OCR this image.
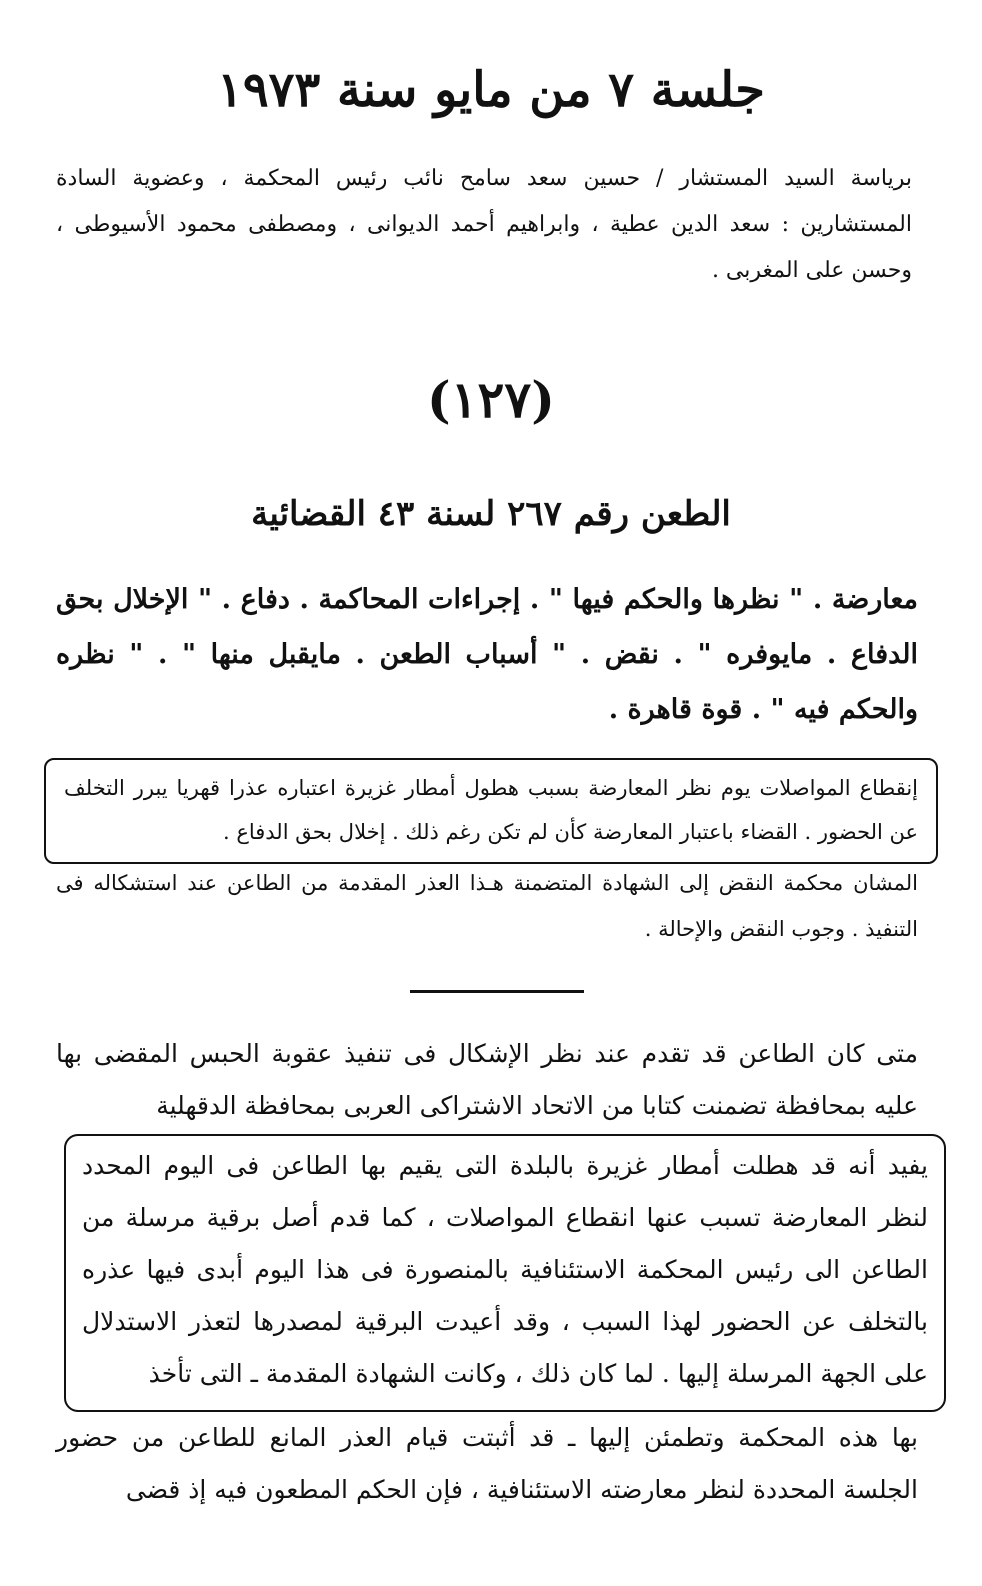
جلسة ٧ من مايو سنة ١٩٧٣
برياسة السيد المستشار / حسين سعد سامح نائب رئيس المحكمة ، وعضوية السادة المستشارين : سعد الدين عطية ، وابراهيم أحمد الديوانى ، ومصطفى محمود الأسيوطى ، وحسن على المغربى .
(١٢٧)
الطعن رقم ٢٦٧ لسنة ٤٣ القضائية
معارضة . " نظرها والحكم فيها " . إجراءات المحاكمة . دفاع . " الإخلال بحق الدفاع . مايوفره " . نقض . " أسباب الطعن . مايقبل منها " . " نظره والحكم فيه " . قوة قاهرة .
إنقطاع المواصلات يوم نظر المعارضة بسبب هطول أمطار غزيرة اعتباره عذرا قهريا يبرر التخلف عن الحضور . القضاء باعتبار المعارضة كأن لم تكن رغم ذلك . إخلال بحق الدفاع .
المشان محكمة النقض إلى الشهادة المتضمنة هـذا العذر المقدمة من الطاعن عند استشكاله فى التنفيذ . وجوب النقض والإحالة .
متى كان الطاعن قد تقدم عند نظر الإشكال فى تنفيذ عقوبة الحبس المقضى بها عليه بمحافظة تضمنت كتابا من الاتحاد الاشتراكى العربى بمحافظة الدقهلية
يفيد أنه قد هطلت أمطار غزيرة بالبلدة التى يقيم بها الطاعن فى اليوم المحدد لنظر المعارضة تسبب عنها انقطاع المواصلات ، كما قدم أصل برقية مرسلة من الطاعن الى رئيس المحكمة الاستئنافية بالمنصورة فى هذا اليوم أبدى فيها عذره بالتخلف عن الحضور لهذا السبب ، وقد أعيدت البرقية لمصدرها لتعذر الاستدلال على الجهة المرسلة إليها . لما كان ذلك ، وكانت الشهادة المقدمة ـ التى تأخذ
بها هذه المحكمة وتطمئن إليها ـ قد أثبتت قيام العذر المانع للطاعن من حضور الجلسة المحددة لنظر معارضته الاستئنافية ، فإن الحكم المطعون فيه إذ قضى
